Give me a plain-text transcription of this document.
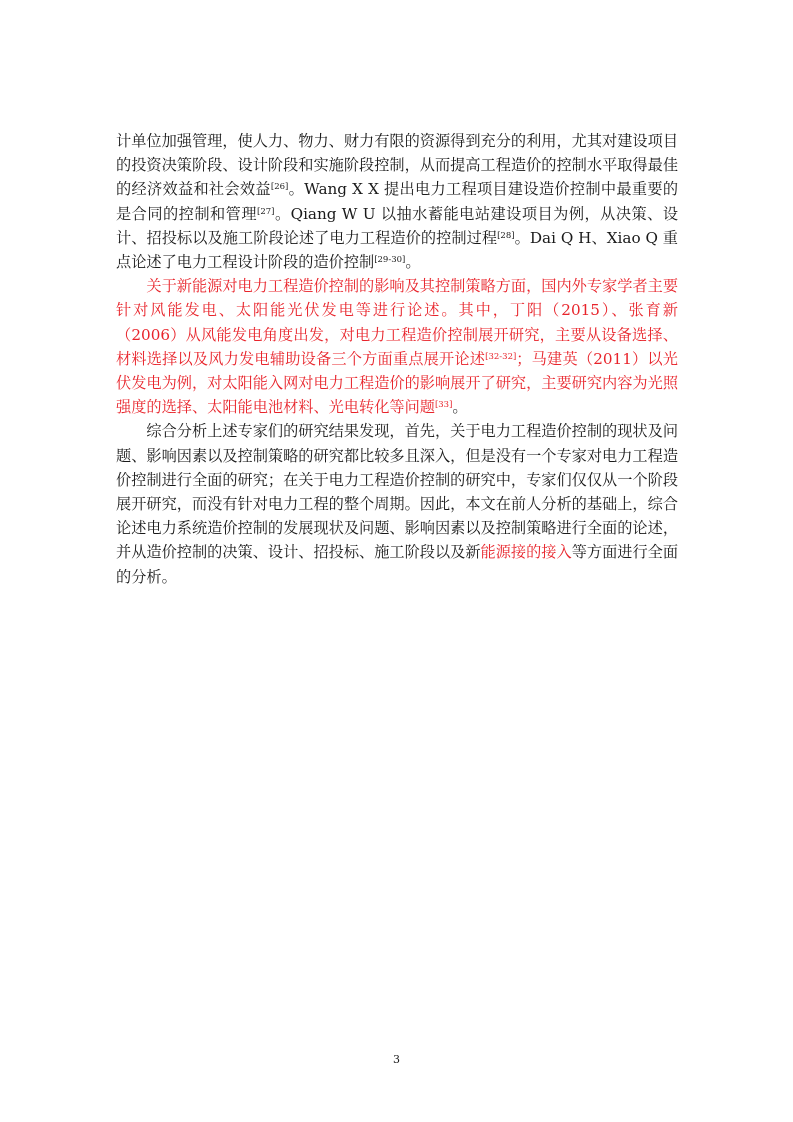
计单位加强管理，使人力、物力、财力有限的资源得到充分的利用，尤其对建设项目的投资决策阶段、设计阶段和实施阶段控制，从而提高工程造价的控制水平取得最佳的经济效益和社会效益[26]。Wang X X 提出电力工程项目建设造价控制中最重要的是合同的控制和管理[27]。Qiang W U 以抽水蓄能电站建设项目为例，从决策、设计、招投标以及施工阶段论述了电力工程造价的控制过程[28]。Dai Q H、Xiao Q 重点论述了电力工程设计阶段的造价控制[29-30]。

关于新能源对电力工程造价控制的影响及其控制策略方面，国内外专家学者主要针对风能发电、太阳能光伏发电等进行论述。其中，丁阳（2015）、张育新（2006）从风能发电角度出发，对电力工程造价控制展开研究，主要从设备选择、材料选择以及风力发电辅助设备三个方面重点展开论述[32-32]；马建英（2011）以光伏发电为例，对太阳能入网对电力工程造价的影响展开了研究，主要研究内容为光照强度的选择、太阳能电池材料、光电转化等问题[33]。

综合分析上述专家们的研究结果发现，首先，关于电力工程造价控制的现状及问题、影响因素以及控制策略的研究都比较多且深入，但是没有一个专家对电力工程造价控制进行全面的研究；在关于电力工程造价控制的研究中，专家们仅仅从一个阶段展开研究，而没有针对电力工程的整个周期。因此，本文在前人分析的基础上，综合论述电力系统造价控制的发展现状及问题、影响因素以及控制策略进行全面的论述，并从造价控制的决策、设计、招投标、施工阶段以及新能源接的接入等方面进行全面的分析。

3
